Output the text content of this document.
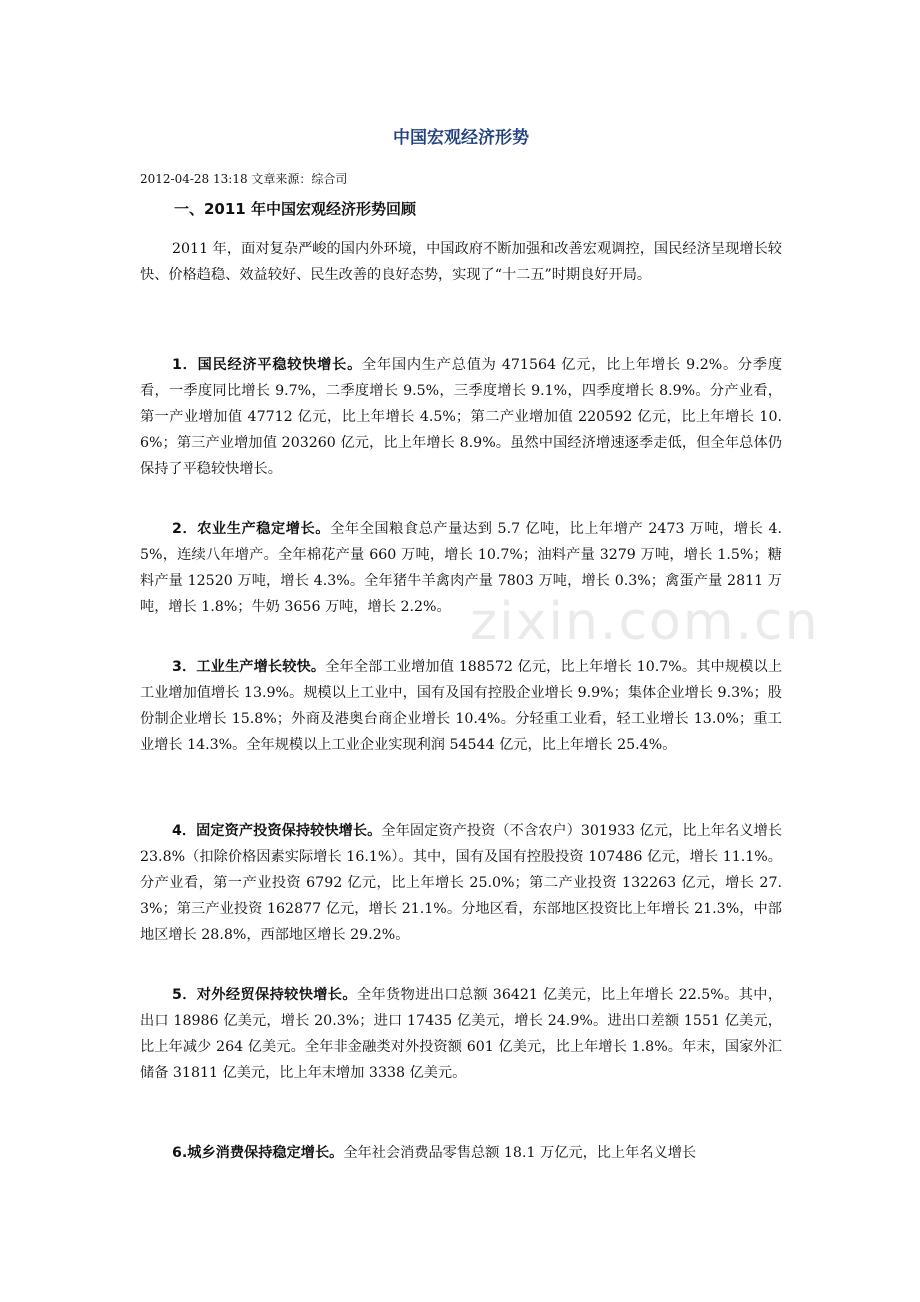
中国宏观经济形势
2012-04-28 13:18 文章来源：综合司
一、2011 年中国宏观经济形势回顾

2011 年，面对复杂严峻的国内外环境，中国政府不断加强和改善宏观调控，国民经济呈现增长较快、价格趋稳、效益较好、民生改善的良好态势，实现了“十二五”时期良好开局。

1．国民经济平稳较快增长。全年国内生产总值为 471564 亿元，比上年增长 9.2%。分季度看，一季度同比增长 9.7%，二季度增长 9.5%，三季度增长 9.1%，四季度增长 8.9%。分产业看，第一产业增加值 47712 亿元，比上年增长 4.5%；第二产业增加值 220592 亿元，比上年增长 10.6%；第三产业增加值 203260 亿元，比上年增长 8.9%。虽然中国经济增速逐季走低，但全年总体仍保持了平稳较快增长。

2．农业生产稳定增长。全年全国粮食总产量达到 5.7 亿吨，比上年增产 2473 万吨，增长 4.5%，连续八年增产。全年棉花产量 660 万吨，增长 10.7%；油料产量 3279 万吨，增长 1.5%；糖料产量 12520 万吨，增长 4.3%。全年猪牛羊禽肉产量 7803 万吨，增长 0.3%；禽蛋产量 2811 万吨，增长 1.8%；牛奶 3656 万吨，增长 2.2%。

3．工业生产增长较快。全年全部工业增加值 188572 亿元，比上年增长 10.7%。其中规模以上工业增加值增长 13.9%。规模以上工业中，国有及国有控股企业增长 9.9%；集体企业增长 9.3%；股份制企业增长 15.8%；外商及港奥台商企业增长 10.4%。分轻重工业看，轻工业增长 13.0%；重工业增长 14.3%。全年规模以上工业企业实现利润 54544 亿元，比上年增长 25.4%。

4．固定资产投资保持较快增长。全年固定资产投资（不含农户）301933 亿元，比上年名义增长 23.8%（扣除价格因素实际增长 16.1%）。其中，国有及国有控股投资 107486 亿元，增长 11.1%。分产业看，第一产业投资 6792 亿元，比上年增长 25.0%；第二产业投资 132263 亿元，增长 27.3%；第三产业投资 162877 亿元，增长 21.1%。分地区看，东部地区投资比上年增长 21.3%，中部地区增长 28.8%，西部地区增长 29.2%。

5．对外经贸保持较快增长。全年货物进出口总额 36421 亿美元，比上年增长 22.5%。其中，出口 18986 亿美元，增长 20.3%；进口 17435 亿美元，增长 24.9%。进出口差额 1551 亿美元，比上年减少 264 亿美元。全年非金融类对外投资额 601 亿美元，比上年增长 1.8%。年末，国家外汇储备 31811 亿美元，比上年末增加 3338 亿美元。

6.城乡消费保持稳定增长。全年社会消费品零售总额 18.1 万亿元，比上年名义增长

zixin.com.cn
